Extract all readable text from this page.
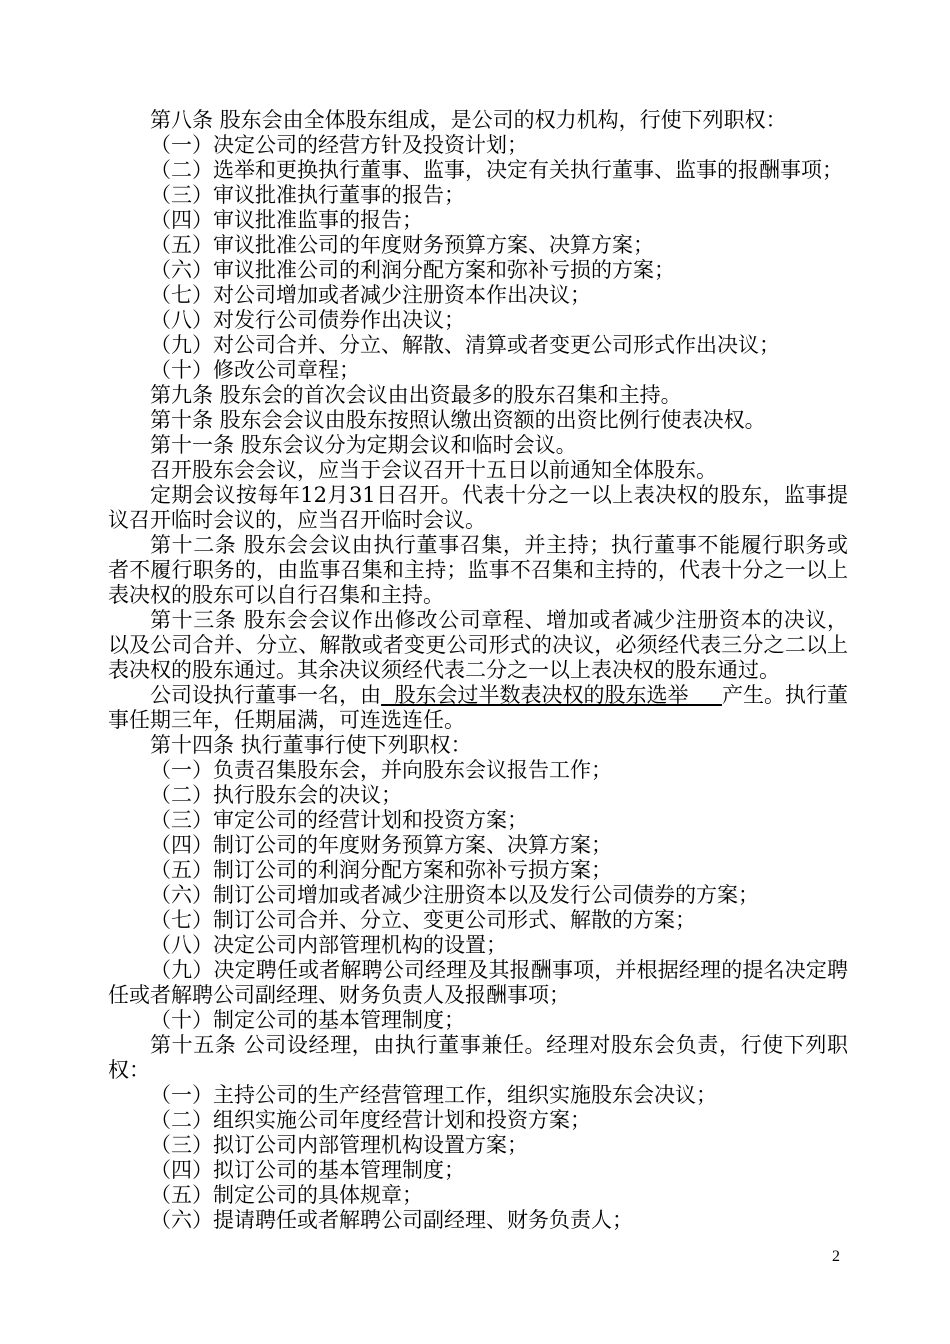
第八条 股东会由全体股东组成，是公司的权力机构，行使下列职权：

（一）决定公司的经营方针及投资计划；

（二）选举和更换执行董事、监事，决定有关执行董事、监事的报酬事项；

（三）审议批准执行董事的报告；

（四）审议批准监事的报告；

（五）审议批准公司的年度财务预算方案、决算方案；

（六）审议批准公司的利润分配方案和弥补亏损的方案；

（七）对公司增加或者减少注册资本作出决议；

（八）对发行公司债券作出决议；

（九）对公司合并、分立、解散、清算或者变更公司形式作出决议；

（十）修改公司章程；

第九条 股东会的首次会议由出资最多的股东召集和主持。

第十条 股东会会议由股东按照认缴出资额的出资比例行使表决权。

第十一条 股东会议分为定期会议和临时会议。

召开股东会会议，应当于会议召开十五日以前通知全体股东。

定期会议按每年12月31日召开。代表十分之一以上表决权的股东，监事提议召开临时会议的，应当召开临时会议。

第十二条 股东会会议由执行董事召集，并主持；执行董事不能履行职务或者不履行职务的，由监事召集和主持；监事不召集和主持的，代表十分之一以上表决权的股东可以自行召集和主持。

第十三条 股东会会议作出修改公司章程、增加或者减少注册资本的决议，以及公司合并、分立、解散或者变更公司形式的决议，必须经代表三分之二以上表决权的股东通过。其余决议须经代表二分之一以上表决权的股东通过。

公司设执行董事一名，由  股东会过半数表决权的股东选举     产生。执行董事任期三年，任期届满，可连选连任。

第十四条 执行董事行使下列职权：

（一）负责召集股东会，并向股东会议报告工作；

（二）执行股东会的决议；

（三）审定公司的经营计划和投资方案；

（四）制订公司的年度财务预算方案、决算方案；

（五）制订公司的利润分配方案和弥补亏损方案；

（六）制订公司增加或者减少注册资本以及发行公司债券的方案；

（七）制订公司合并、分立、变更公司形式、解散的方案；

（八）决定公司内部管理机构的设置；

（九）决定聘任或者解聘公司经理及其报酬事项，并根据经理的提名决定聘任或者解聘公司副经理、财务负责人及报酬事项；

（十）制定公司的基本管理制度；

第十五条 公司设经理，由执行董事兼任。经理对股东会负责，行使下列职权：

（一）主持公司的生产经营管理工作，组织实施股东会决议；

（二）组织实施公司年度经营计划和投资方案；

（三）拟订公司内部管理机构设置方案；

（四）拟订公司的基本管理制度；

（五）制定公司的具体规章；

（六）提请聘任或者解聘公司副经理、财务负责人；

2
